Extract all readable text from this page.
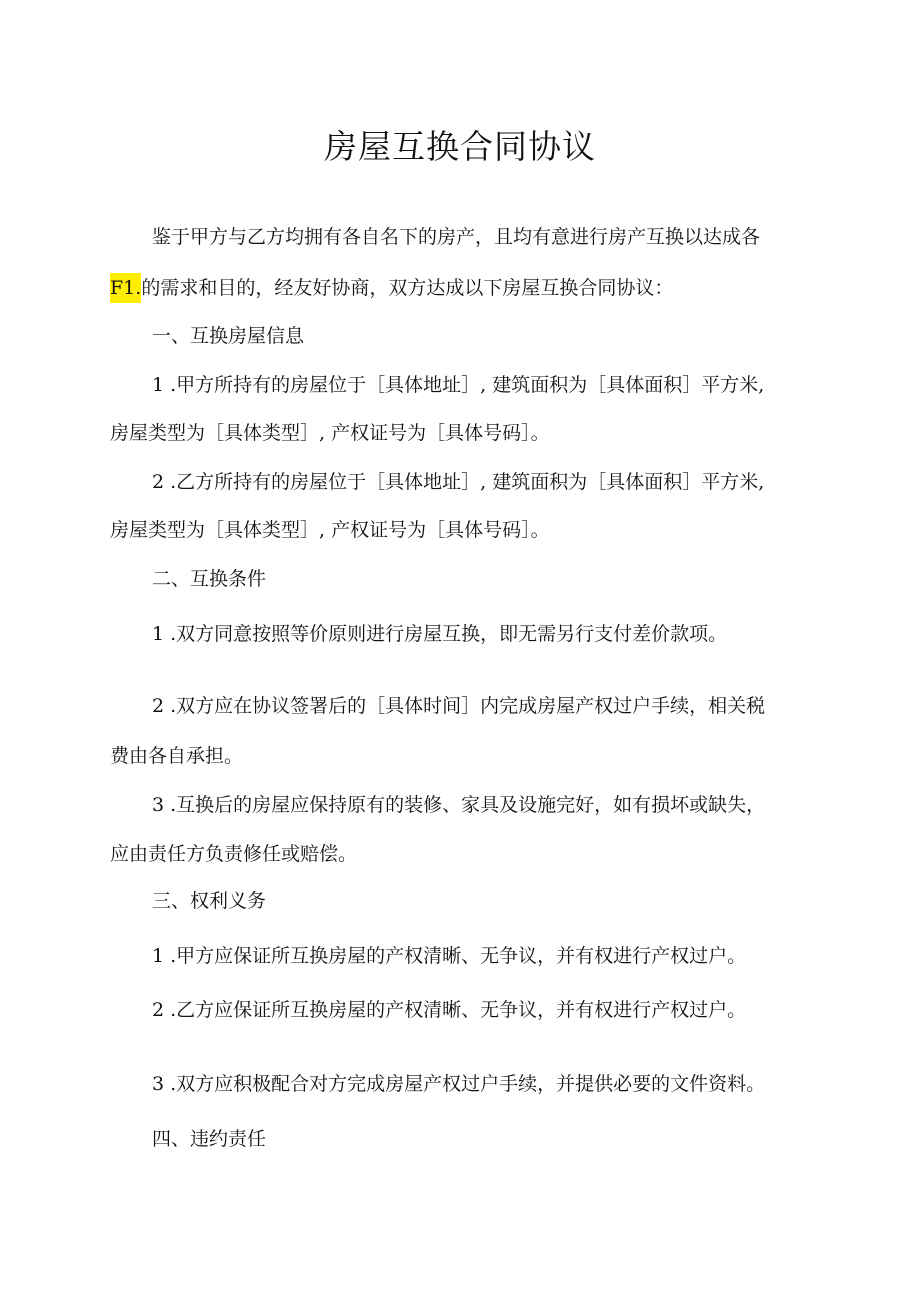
房屋互换合同协议
鉴于甲方与乙方均拥有各自名下的房产，且均有意进行房产互换以达成各
F1.的需求和目的，经友好协商，双方达成以下房屋互换合同协议：
一、互换房屋信息
1 .甲方所持有的房屋位于［具体地址］, 建筑面积为［具体面积］平方米,
房屋类型为［具体类型］, 产权证号为［具体号码］。
2 .乙方所持有的房屋位于［具体地址］, 建筑面积为［具体面积］平方米,
房屋类型为［具体类型］, 产权证号为［具体号码］。
二、互换条件
1 .双方同意按照等价原则进行房屋互换，即无需另行支付差价款项。
2 .双方应在协议签署后的［具体时间］内完成房屋产权过户手续，相关税
费由各自承担。
3 .互换后的房屋应保持原有的装修、家具及设施完好，如有损坏或缺失，
应由责任方负责修任或赔偿。
三、权利义务
1 .甲方应保证所互换房屋的产权清晰、无争议，并有权进行产权过户。
2 .乙方应保证所互换房屋的产权清晰、无争议，并有权进行产权过户。
3 .双方应积极配合对方完成房屋产权过户手续，并提供必要的文件资料。
四、违约责任
